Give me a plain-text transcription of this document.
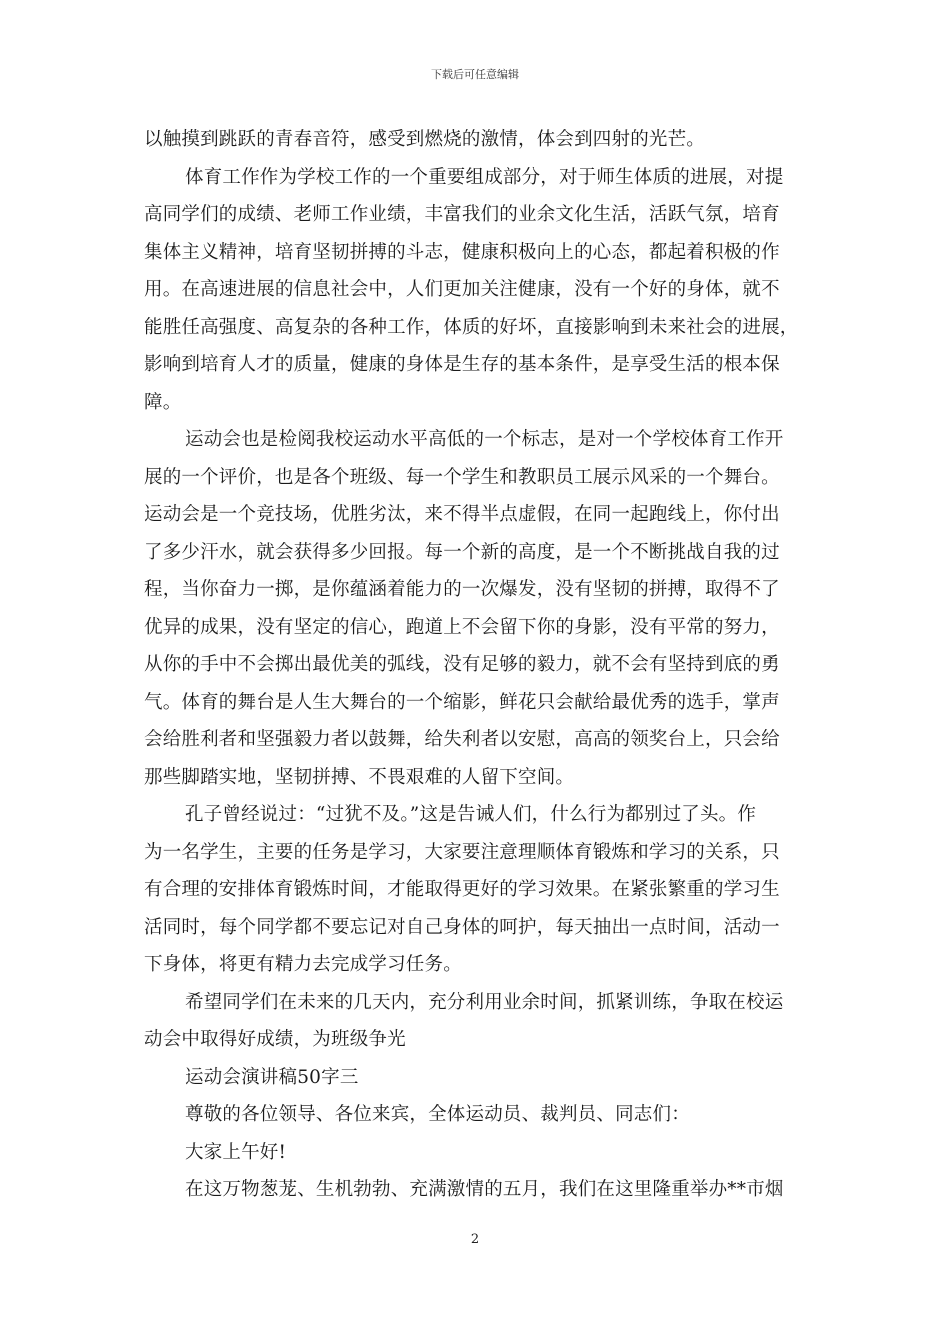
下载后可任意编辑
以触摸到跳跃的青春音符，感受到燃烧的激情，体会到四射的光芒。
体育工作作为学校工作的一个重要组成部分，对于师生体质的进展，对提
高同学们的成绩、老师工作业绩，丰富我们的业余文化生活，活跃气氛，培育
集体主义精神，培育坚韧拼搏的斗志，健康积极向上的心态，都起着积极的作
用。在高速进展的信息社会中，人们更加关注健康，没有一个好的身体，就不
能胜任高强度、高复杂的各种工作，体质的好坏，直接影响到未来社会的进展，
影响到培育人才的质量，健康的身体是生存的基本条件，是享受生活的根本保
障。
运动会也是检阅我校运动水平高低的一个标志，是对一个学校体育工作开
展的一个评价，也是各个班级、每一个学生和教职员工展示风采的一个舞台。
运动会是一个竞技场，优胜劣汰，来不得半点虚假，在同一起跑线上，你付出
了多少汗水，就会获得多少回报。每一个新的高度，是一个不断挑战自我的过
程，当你奋力一掷，是你蕴涵着能力的一次爆发，没有坚韧的拼搏，取得不了
优异的成果，没有坚定的信心，跑道上不会留下你的身影，没有平常的努力，
从你的手中不会掷出最优美的弧线，没有足够的毅力，就不会有坚持到底的勇
气。体育的舞台是人生大舞台的一个缩影，鲜花只会献给最优秀的选手，掌声
会给胜利者和坚强毅力者以鼓舞，给失利者以安慰，高高的领奖台上，只会给
那些脚踏实地，坚韧拼搏、不畏艰难的人留下空间。
孔子曾经说过：“过犹不及。”这是告诫人们，什么行为都别过了头。作
为一名学生，主要的任务是学习，大家要注意理顺体育锻炼和学习的关系，只
有合理的安排体育锻炼时间，才能取得更好的学习效果。在紧张繁重的学习生
活同时，每个同学都不要忘记对自己身体的呵护，每天抽出一点时间，活动一
下身体，将更有精力去完成学习任务。
希望同学们在未来的几天内，充分利用业余时间，抓紧训练，争取在校运
动会中取得好成绩，为班级争光
运动会演讲稿50字三
尊敬的各位领导、各位来宾，全体运动员、裁判员、同志们：
大家上午好!
在这万物葱茏、生机勃勃、充满激情的五月，我们在这里隆重举办**市烟
2
